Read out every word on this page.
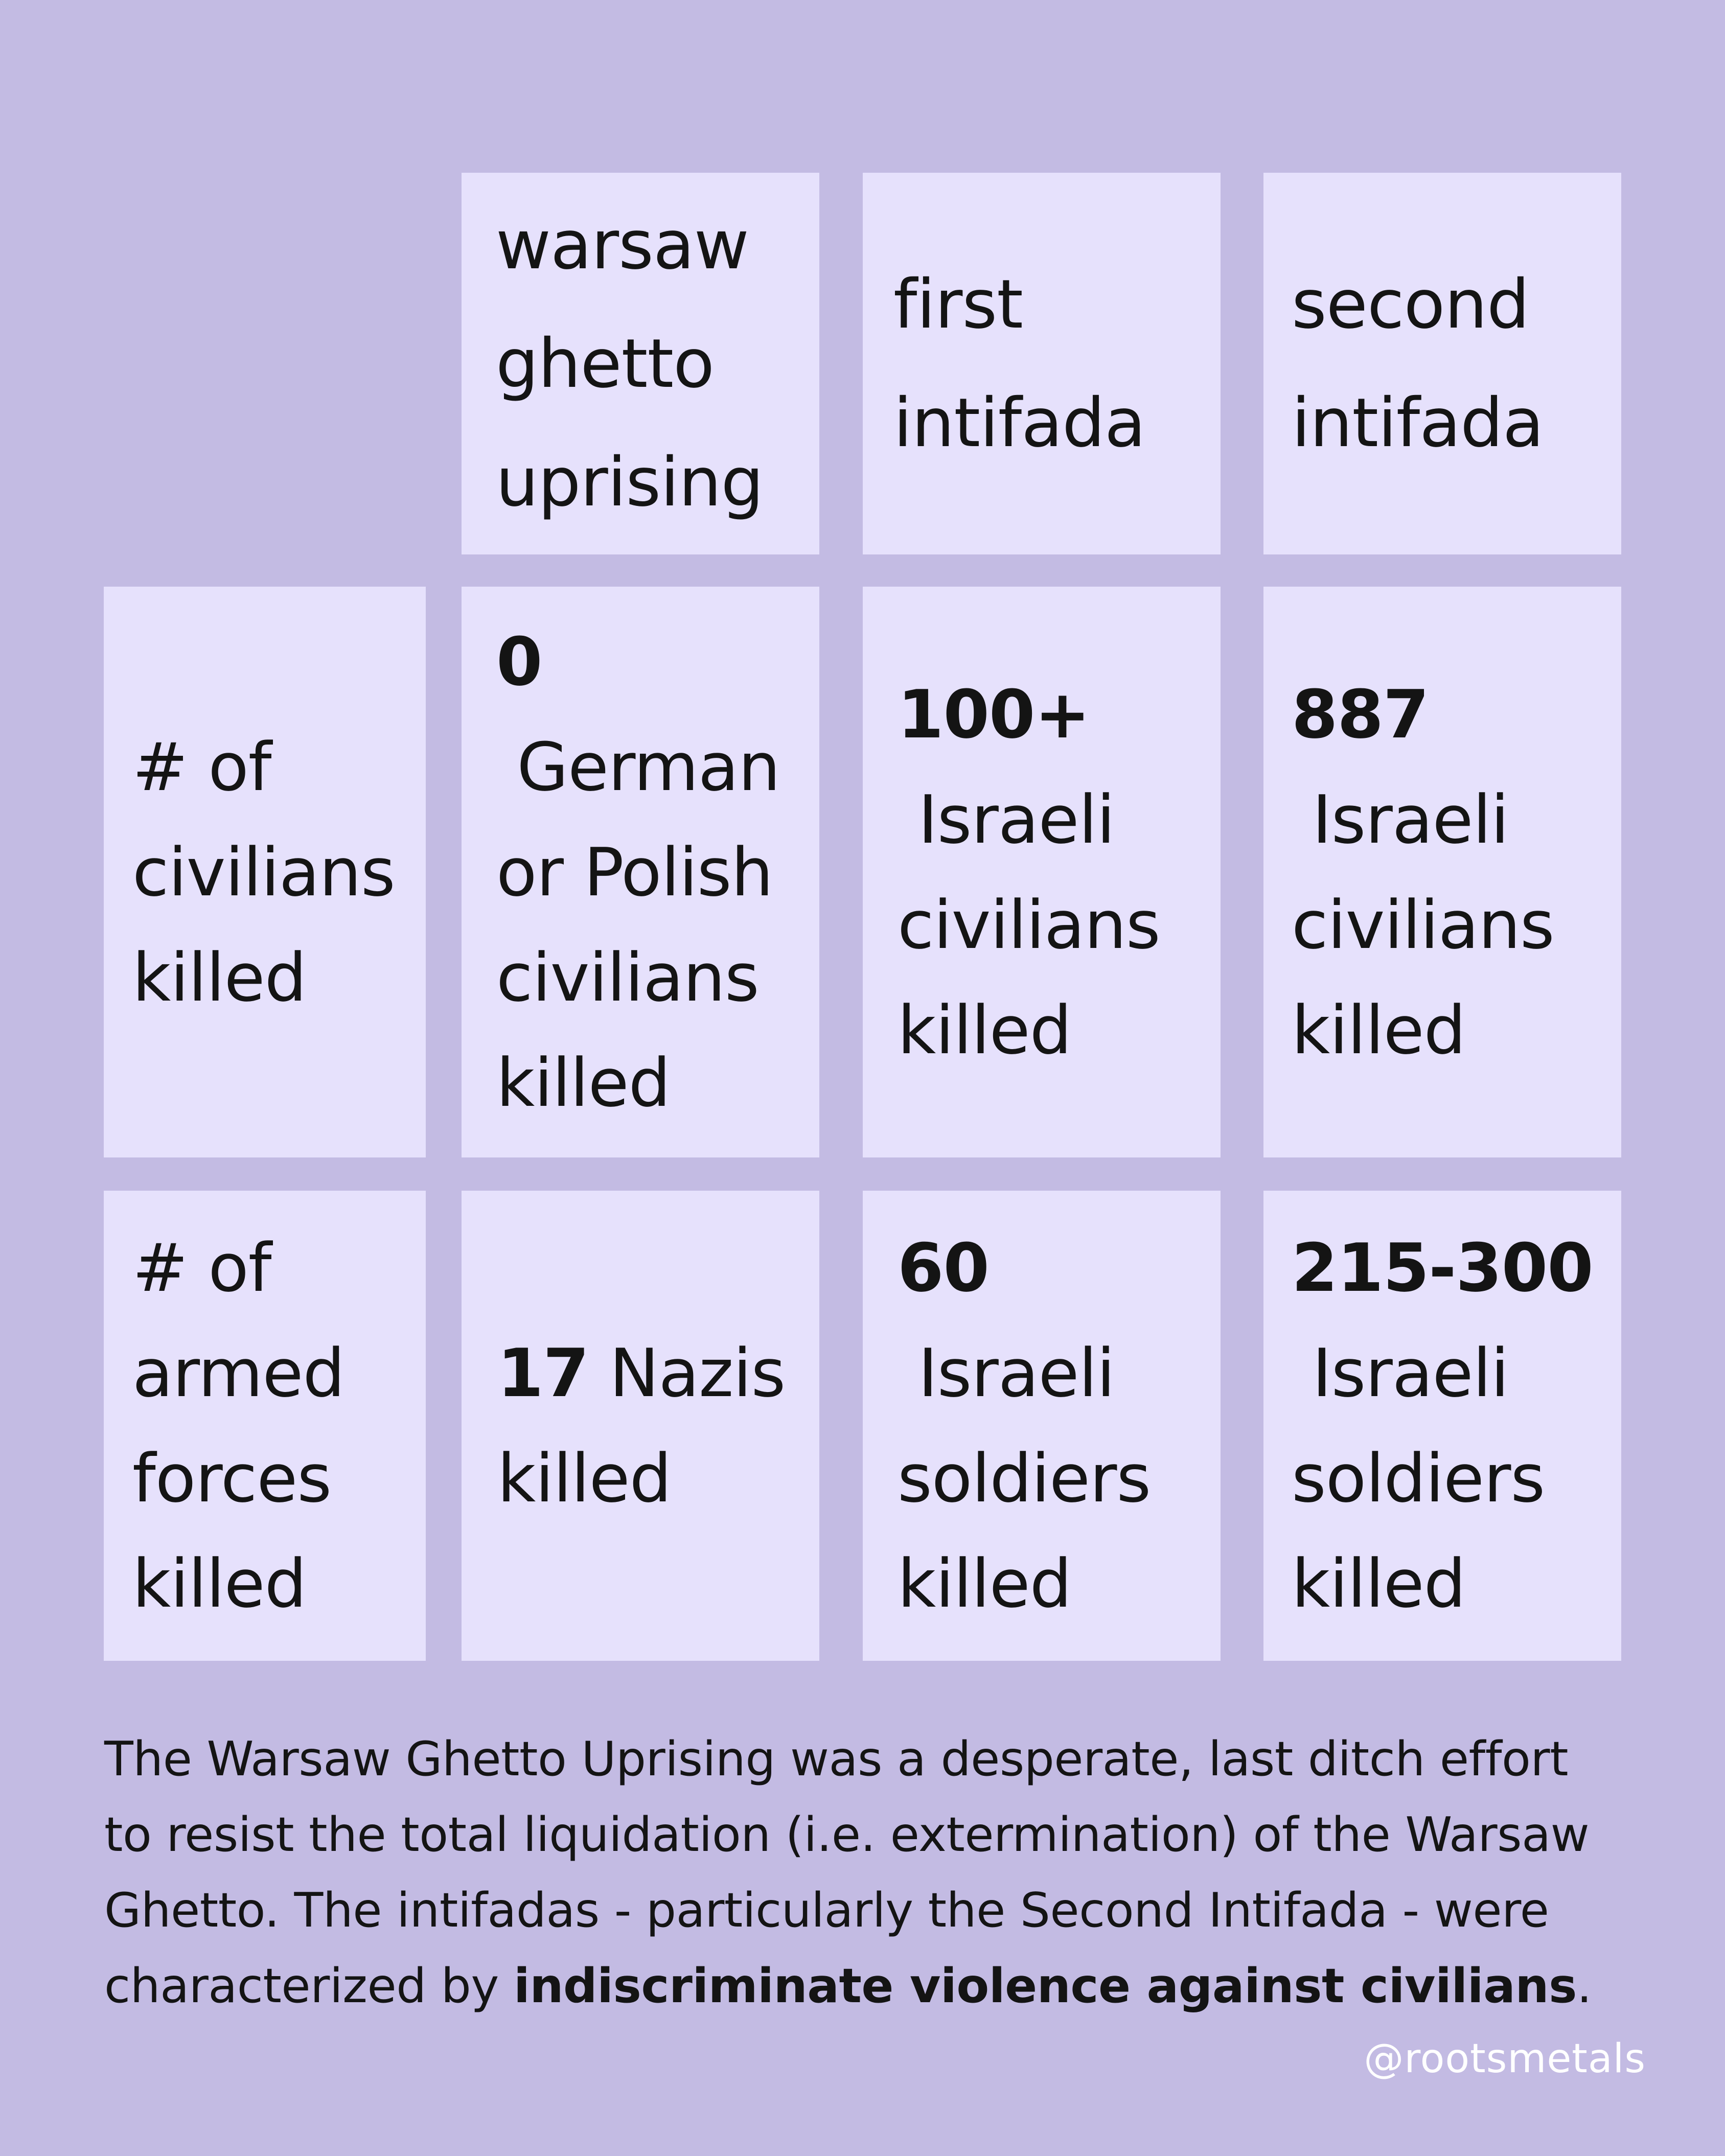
warsaw
ghetto
uprising
first
intifada
second
intifada
# of
civilians
killed
0
German
or Polish
civilians
killed
100+
Israeli
civilians
killed
887
Israeli
civilians
killed
# of
armed
forces
killed
17 Nazis
killed
60
Israeli
soldiers
killed
215-300
Israeli
soldiers
killed
The Warsaw Ghetto Uprising was a desperate, last ditch effort to resist the total liquidation (i.e. extermination) of the Warsaw Ghetto. The intifadas - particularly the Second Intifada - were characterized by indiscriminate violence against civilians.
@rootsmetals
